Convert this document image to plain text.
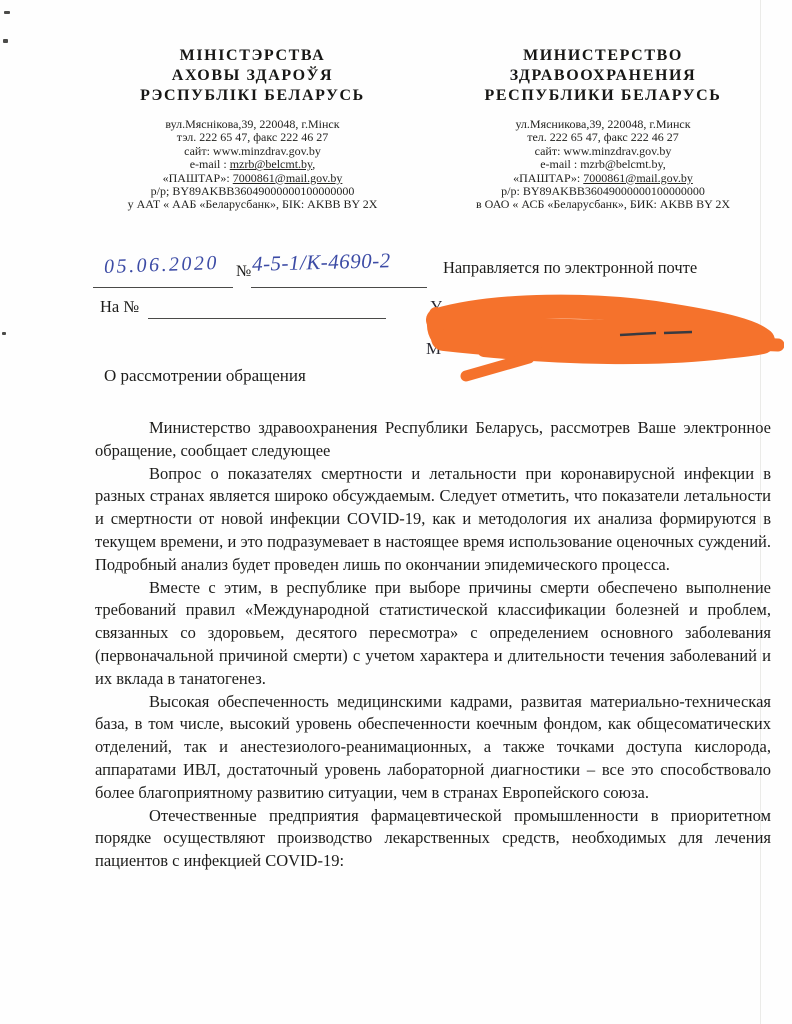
МІНІСТЭРСТВА
АХОВЫ ЗДАРОЎЯ
РЭСПУБЛІКІ БЕЛАРУСЬ
вул.Мяснікова,39, 220048, г.Мінск
тэл. 222 65 47, факс 222 46 27
сайт: www.minzdrav.gov.by
e-mail : mzrb@belcmt.by,
«ПАШТАР»: 7000861@mail.gov.by
р/р; BY89AKBB36049000000100000000
у ААТ « ААБ «Беларусбанк», БІК: AKBB BY 2X
МИНИСТЕРСТВО
ЗДРАВООХРАНЕНИЯ
РЕСПУБЛИКИ БЕЛАРУСЬ
ул.Мясникова,39, 220048, г.Минск
тел. 222 65 47, факс 222 46 27
сайт: www.minzdrav.gov.by
e-mail : mzrb@belcmt.by,
«ПАШТАР»: 7000861@mail.gov.by
р/р: BY89AKBB36049000000100000000
в ОАО « АСБ «Беларусбанк», БИК: AKBB BY 2X
05.06.2020 № 4-5-1/К-4690-2	Направляется по электронной почте
На №	В.И.,
У
М
О рассмотрении обращения

Министерство здравоохранения Республики Беларусь, рассмотрев Ваше электронное обращение, сообщает следующее

Вопрос о показателях смертности и летальности при коронавирусной инфекции в разных странах является широко обсуждаемым. Следует отметить, что показатели летальности и смертности от новой инфекции COVID-19, как и методология их анализа формируются в текущем времени, и это подразумевает в настоящее время использование оценочных суждений. Подробный анализ будет проведен лишь по окончании эпидемического процесса.

Вместе с этим, в республике при выборе причины смерти обеспечено выполнение требований правил «Международной статистической классификации болезней и проблем, связанных со здоровьем, десятого пересмотра» с определением основного заболевания (первоначальной причиной смерти) с учетом характера и длительности течения заболеваний и их вклада в танатогенез.

Высокая обеспеченность медицинскими кадрами, развитая материально-техническая база, в том числе, высокий уровень обеспеченности коечным фондом, как общесоматических отделений, так и анестезиолого-реанимационных, а также точками доступа кислорода, аппаратами ИВЛ, достаточный уровень лабораторной диагностики – все это способствовало более благоприятному развитию ситуации, чем в странах Европейского союза.

Отечественные предприятия фармацевтической промышленности в приоритетном порядке осуществляют производство лекарственных средств, необходимых для лечения пациентов с инфекцией COVID-19:
